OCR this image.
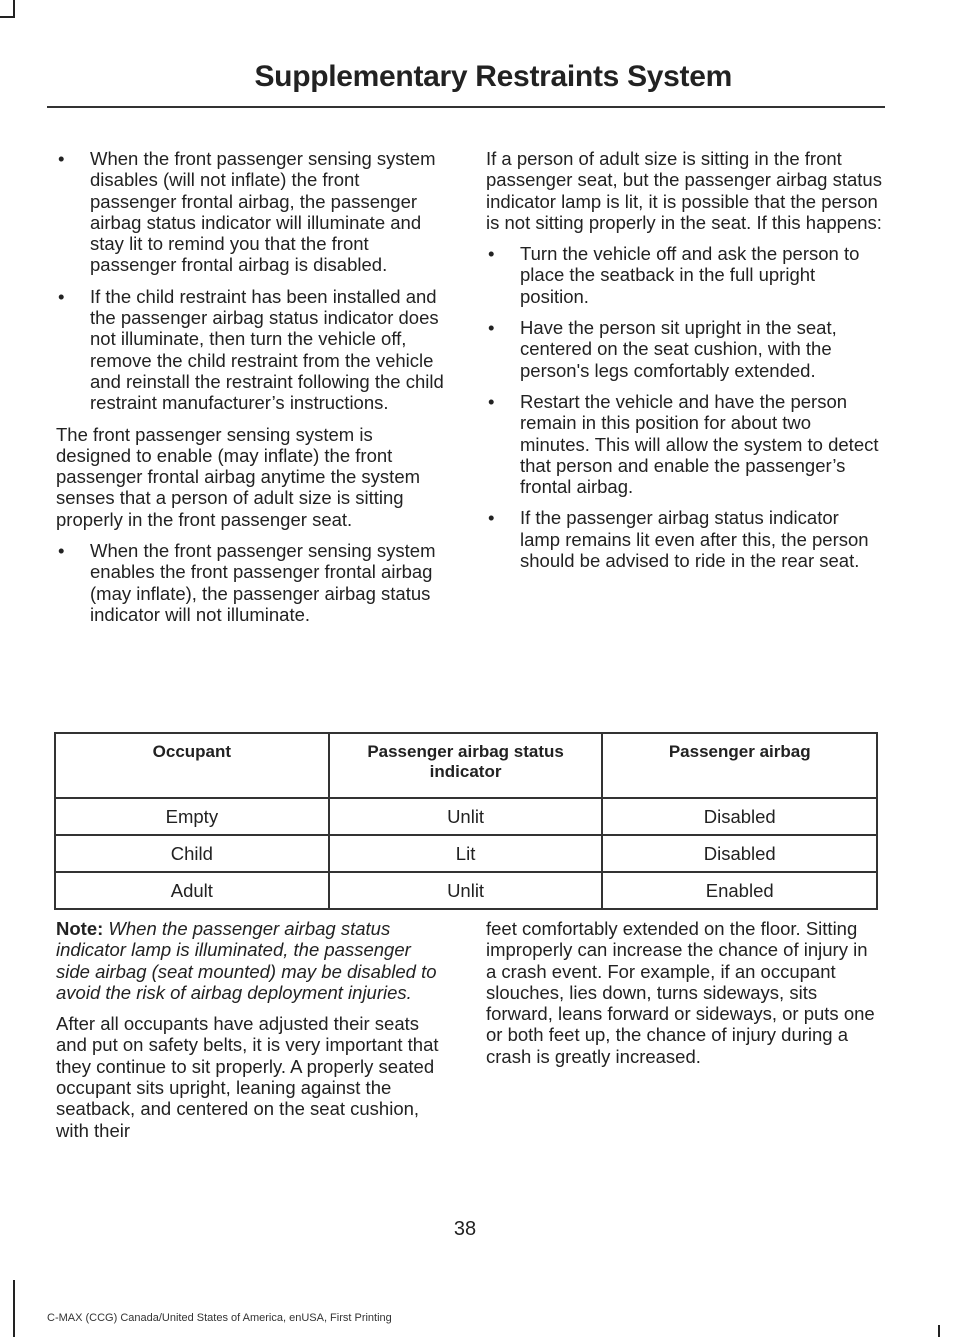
Supplementary Restraints System
• When the front passenger sensing system disables (will not inflate) the front passenger frontal airbag, the passenger airbag status indicator will illuminate and stay lit to remind you that the front passenger frontal airbag is disabled.
• If the child restraint has been installed and the passenger airbag status indicator does not illuminate, then turn the vehicle off, remove the child restraint from the vehicle and reinstall the restraint following the child restraint manufacturer’s instructions.

The front passenger sensing system is designed to enable (may inflate) the front passenger frontal airbag anytime the system senses that a person of adult size is sitting properly in the front passenger seat.

• When the front passenger sensing system enables the front passenger frontal airbag (may inflate), the passenger airbag status indicator will not illuminate.

If a person of adult size is sitting in the front passenger seat, but the passenger airbag status indicator lamp is lit, it is possible that the person is not sitting properly in the seat. If this happens:

• Turn the vehicle off and ask the person to place the seatback in the full upright position.
• Have the person sit upright in the seat, centered on the seat cushion, with the person's legs comfortably extended.
• Restart the vehicle and have the person remain in this position for about two minutes. This will allow the system to detect that person and enable the passenger’s frontal airbag.
• If the passenger airbag status indicator lamp remains lit even after this, the person should be advised to ride in the rear seat.
Occupant	Passenger airbag status indicator	Passenger airbag
Empty	Unlit	Disabled
Child	Lit	Disabled
Adult	Unlit	Enabled

Note: When the passenger airbag status indicator lamp is illuminated, the passenger side airbag (seat mounted) may be disabled to avoid the risk of airbag deployment injuries.

After all occupants have adjusted their seats and put on safety belts, it is very important that they continue to sit properly. A properly seated occupant sits upright, leaning against the seatback, and centered on the seat cushion, with their

feet comfortably extended on the floor. Sitting improperly can increase the chance of injury in a crash event. For example, if an occupant slouches, lies down, turns sideways, sits forward, leans forward or sideways, or puts one or both feet up, the chance of injury during a crash is greatly increased.

38
C-MAX (CCG) Canada/United States of America, enUSA, First Printing
